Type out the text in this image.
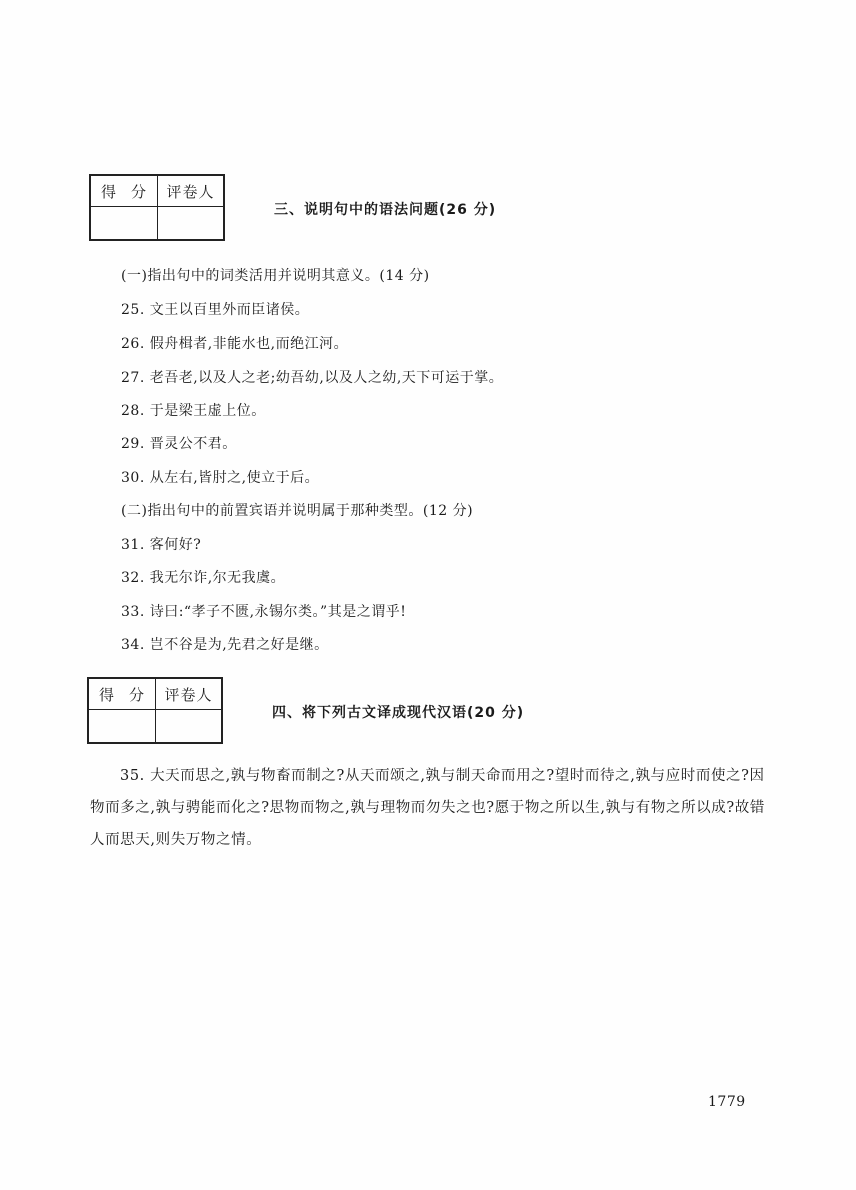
得 分	评卷人

三、说明句中的语法问题(26 分)
(一)指出句中的词类活用并说明其意义。(14 分)
25. 文王以百里外而臣诸侯。
26. 假舟楫者,非能水也,而绝江河。
27. 老吾老,以及人之老;幼吾幼,以及人之幼,天下可运于掌。
28. 于是梁王虚上位。
29. 晋灵公不君。
30. 从左右,皆肘之,使立于后。
(二)指出句中的前置宾语并说明属于那种类型。(12 分)
31. 客何好?
32. 我无尔诈,尔无我虞。
33. 诗曰:“孝子不匮,永锡尔类。”其是之谓乎!
34. 岂不谷是为,先君之好是继。
得 分	评卷人

四、将下列古文译成现代汉语(20 分)
35. 大天而思之,孰与物畜而制之?从天而颂之,孰与制天命而用之?望时而待之,孰与应时而使之?因物而多之,孰与骋能而化之?思物而物之,孰与理物而勿失之也?愿于物之所以生,孰与有物之所以成?故错人而思天,则失万物之情。
1779
